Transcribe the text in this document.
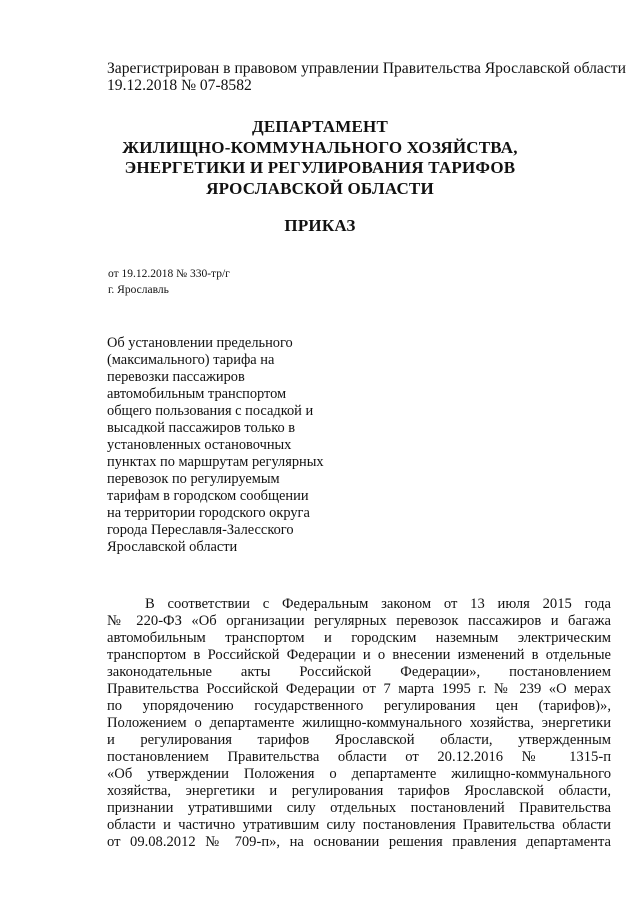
Зарегистрирован в правовом управлении Правительства Ярославской области
19.12.2018 № 07-8582
ДЕПАРТАМЕНТ
ЖИЛИЩНО-КОММУНАЛЬНОГО ХОЗЯЙСТВА,
ЭНЕРГЕТИКИ И РЕГУЛИРОВАНИЯ ТАРИФОВ
ЯРОСЛАВСКОЙ ОБЛАСТИ
ПРИКАЗ
от 19.12.2018 № 330-тр/г
г. Ярославль
Об установлении предельного
(максимального) тарифа на
перевозки пассажиров
автомобильным транспортом
общего пользования с посадкой и
высадкой пассажиров только в
установленных остановочных
пунктах по маршрутам регулярных
перевозок по регулируемым
тарифам в городском сообщении
на территории городского округа
города Переславля-Залесского
Ярославской области
В соответствии с Федеральным законом от 13 июля 2015 года
№ 220-ФЗ «Об организации регулярных перевозок пассажиров и багажа
автомобильным транспортом и городским наземным электрическим
транспортом в Российской Федерации и о внесении изменений в отдельные
законодательные акты Российской Федерации», постановлением
Правительства Российской Федерации от 7 марта 1995 г. № 239 «О мерах
по упорядочению государственного регулирования цен (тарифов)»,
Положением о департаменте жилищно-коммунального хозяйства, энергетики
и регулирования тарифов Ярославской области, утвержденным
постановлением Правительства области от 20.12.2016 № 1315-п
«Об утверждении Положения о департаменте жилищно-коммунального
хозяйства, энергетики и регулирования тарифов Ярославской области,
признании утратившими силу отдельных постановлений Правительства
области и частично утратившим силу постановления Правительства области
от 09.08.2012 № 709-п», на основании решения правления департамента
